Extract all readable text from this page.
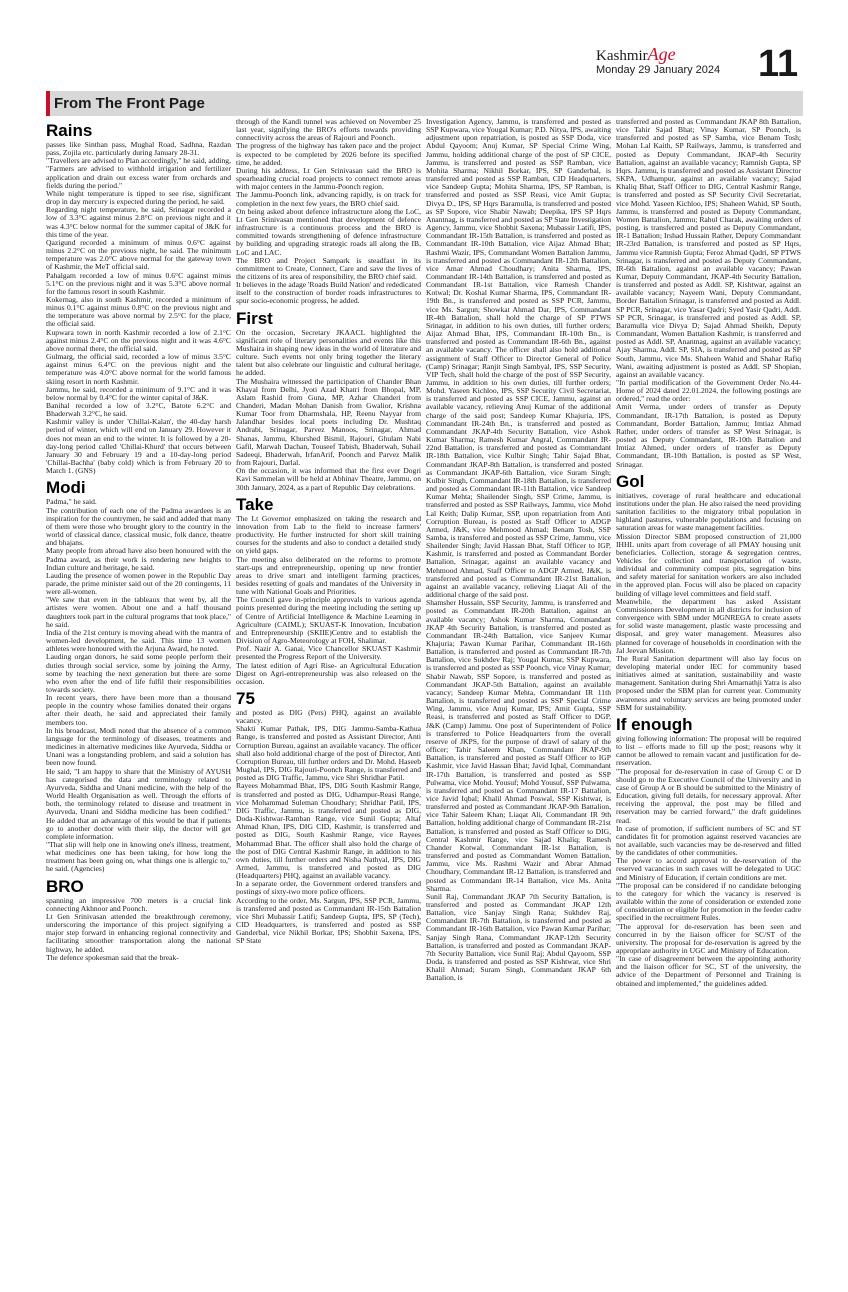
KashmirAge
Monday 29 January 2024 11
From The Front Page
Rains

passes like Sinthan pass, Mughal Road, Sadhna, Razdan pass, Zojila etc. particularly during January 28-31.

"Travellers are advised to Plan accordingly," he said, adding, "Farmers are advised to withhold irrigation and fertilizer application and drain out excess water from orchards and fields during the period."

While night temperature is tipped to see rise, significant drop in day mercury is expected during the period, he said.

Regarding night temperature, he said, Srinagar recorded a low of 3.3°C against minus 2.8°C on previous night and it was 4.3°C below normal for the summer capital of J&K for this time of the year.

Qazigund recorded a minimum of minus 0.6°C against minus 2.2°C on the previous night, he said. The minimum temperature was 2.0°C above normal for the gateway town of Kashmir, the MeT official said.

Pahalgam recorded a low of minus 0.6°C against minus 5.1°C on the previous night and it was 5.3°C above normal for the famous resort in south Kashmir.

Kokernag, also in south Kashmir, recorded a minimum of minus 0.1°C against minus 0.8°C on the previous night and the temperature was above normal by 2.5°C for the place, the official said.

Kupwara town in north Kashmir recorded a low of 2.1°C against minus 2.4°C on the previous night and it was 4.6°C above normal there, the official said.

Gulmarg, the official said, recorded a low of minus 3.5°C against minus 6.4°C on the previous night and the temperature was 4.0°C above normal for the world famous skiing resort in north Kashmir.

Jammu, he said, recorded a minimum of 9.1°C and it was below normal by 0.4°C for the winter capital of J&K.

Banihal recorded a low of 3.2°C, Batote 6.2°C and Bhaderwah 3.2°C, he said.

Kashmir valley is under 'Chillai-Kalan', the 40-day harsh period of winter, which will end on January 29. However it does not mean an end to the winter. It is followed by a 20-day-long period called 'Chillai-Khurd' that occurs between January 30 and February 19 and a 10-day-long period 'Chillai-Bachha' (baby cold) which is from February 20 to March 1. (GNS)

Modi

Padma," he said.

The contribution of each one of the Padma awardees is an inspiration for the countrymen, he said and added that many of them were those who brought glory to the country in the world of classical dance, classical music, folk dance, theatre and bhajans.

Many people from abroad have also been honoured with the Padma award, as their work is rendering new heights to Indian culture and heritage, he said.

Lauding the presence of women power in the Republic Day parade, the prime minister said out of the 20 contingents, 11 were all-women.

"We saw that even in the tableaux that went by, all the artistes were women. About one and a half thousand daughters took part in the cultural programs that took place," he said.

India of the 21st century is moving ahead with the mantra of women-led development, he said. This time 13 women athletes were honoured with the Arjuna Award, he noted.

Lauding organ donors, he said some people perform their duties through social service, some by joining the Army, some by teaching the next generation but there are some who even after the end of life fulfil their responsibilities towards society.

In recent years, there have been more than a thousand people in the country whose families donated their organs after their death, he said and appreciated their family members too.

In his broadcast, Modi noted that the absence of a common language for the terminology of diseases, treatments and medicines in alternative medicines like Ayurveda, Siddha or Unani was a longstanding problem, and said a solution has been now found.

He said, "I am happy to share that the Ministry of AYUSH has categorised the data and terminology related to Ayurveda, Siddha and Unani medicine, with the help of the World Health Organisation as well. Through the efforts of both, the terminology related to disease and treatment in Ayurveda, Unani and Siddha medicine has been codified." He added that an advantage of this would be that if patients go to another doctor with their slip, the doctor will get complete information.

"That slip will help one in knowing one's illness, treatment, what medicines one has been taking, for how long the treatment has been going on, what things one is allergic to," he said. (Agencies)

BRO

spanning an impressive 700 meters is a crucial link connecting Akhnoor and Poonch.

Lt Gen Srinivasan attended the breakthrough ceremony, underscoring the importance of this project signifying a major step forward in enhancing regional connectivity and facilitating smoother transportation along the national highway, he added.

The defence spokesman said that the break-

through of the Kandi tunnel was achieved on November 25 last year, signifying the BRO's efforts towards providing connectivity across the areas of Rajouri and Poonch.

The progress of the highway has taken pace and the project is expected to be completed by 2026 before its specified time, he added.

During his address, Lt Gen Srinivasan said the BRO is spearheading crucial road projects to connect remote areas with major centers in the Jammu-Poonch region.

The Jammu-Poonch link, advancing rapidly, is on track for completion in the next few years, the BRO chief said.

On being asked about defence infrastructure along the LoC, Lt Gen Srinivasan mentioned that development of defence infrastructure is a continuous process and the BRO is committed towards strengthening of defence infrastructure by building and upgrading strategic roads all along the IB, LoC and LAC.

The BRO and Project Sampark is steadfast in its commitment to Create, Connect, Care and save the lives of the citizens of its area of responsibility, the BRO chief said.

It believes in the adage 'Roads Build Nation' and rededicated itself to the construction of border roads infrastructures to spur socio-economic progress, he added.

First

On the occasion, Secretary JKAACL highlighted the significant role of literary personalities and events like this Mushaira in shaping new ideas in the world of literature and culture. Such events not only bring together the literary talent but also celebrate our linguistic and cultural heritage, he added.

The Mushaira witnessed the participation of Chander Bhan Khayal from Delhi, Jyoti Azad Khatri from Bhopal, MP, Aslam Rashid from Guna, MP, Azhar Chanderi from Chanderi, Madan Mohan Danish from Gwalior, Krishna Kumar Toor from Dharmshala, HP, Reenu Nayyar from Jalandhar besides local poets including Dr. Mushtaq Andrabi, Srinagar, Parvez Manoos, Srinagar, Ahmad Shanas, Jammu, Khurshed Bismil, Rajouri, Ghulam Nabi Gafil, Marwah Dachan, Touseef Tabish, Bhaderwah, Suhail Sadeeqi, Bhaderwah, IrfanArif, Poonch and Parvez Malik from Rajouri, Darlal.

On the occasion, it was informed that the first ever Dogri Kavi Sammelan will be held at Abhinav Theatre, Jammu, on 30th January, 2024, as a part of Republic Day celebrations.

Take

The Lt Governor emphasized on taking the research and innovation from Lab to the field to increase farmers' productivity. He further instructed for short skill training courses for the students and also to conduct a detailed study on yield gaps.

The meeting also deliberated on the reforms to promote start-ups and entrepreneurship, opening up new frontier areas to drive smart and intelligent farming practices, besides resetting of goals and mandates of the University in tune with National Goals and Priorities.

The Council gave in-principle approvals to various agenda points presented during the meeting including the setting up of Centre of Artificial Intelligence & Machine Learning in Agriculture (CAIML); SKUAST-K Innovation, Incubation and Entrepreneurship (SKIIE)Centre and to establish the Division of Agro-Meteorology at FOH, Shalimar.

Prof. Nazir A. Ganai, Vice Chancellor SKUAST Kashmir presented the Progress Report of the University.

The latest edition of Agri Rise- an Agricultural Education Digest on Agri-entrepreneurship was also released on the occasion.

75

and posted as DIG (Pers) PHQ, against an available vacancy.

Shakti Kumar Pathak, IPS, DIG Jammu-Samba-Kathua Range, is transferred and posted as Assistant Director, Anti Corruption Bureau, against an available vacancy. The officer shall also hold additional charge of the post of Director, Anti Corruption Bureau, till further orders and Dr. Mohd. Haseeb Mughal, IPS, DIG Rajouri-Poonch Range, is transferred and posted as DIG Traffic, Jammu, vice Shri Shridhar Patil.

Rayees Mohammad Bhat, IPS, DIG South Kashmir Range, is transferred and posted as DIG, Udhampur-Reasi Range, vice Mohammad Suleman Choudhary; Shridhar Patil, IPS, DIG Traffic, Jammu, is transferred and posted as DIG, Doda-Kishtwar-Ramban Range, vice Sunil Gupta; Altaf Ahmad Khan, IPS, DIG CID, Kashmir, is transferred and posted as DIG, South Kashmir Range, vice Rayees Mohammad Bhat. The officer shall also hold the charge of the post of DIG Central Kashmir Range, in addition to his own duties, till further orders and Nisha Nathyal, IPS, DIG Armed, Jammu, is transferred and posted as DIG (Headquarters) PHQ, against an available vacancy.

In a separate order, the Government ordered transfers and postings of sixty-two more police officers.

According to the order, Ms. Sargun, IPS, SSP PCR, Jammu, is transferred and posted as Commandant IR-15th Battalion vice Shri Mubassir Latifi; Sandeep Gupta, IPS, SP (Tech), CID Headquarters, is transferred and posted as SSP Ganderbal, vice Nikhil Borkar, IPS; Shobhit Saxena, IPS, SP State

Investigation Agency, Jammu, is transferred and posted as SSP Kupwara, vice Yougal Kumar; P.D. Nitya, IPS, awaiting adjustment upon repatriation, is posted as SSP Doda, vice Abdul Qayoom; Anuj Kumar, SP Special Crime Wing, Jammu, holding additional charge of the post of SP CICE, Jammu, is transferred and posted as SSP Ramban, vice Mohita Sharma; Nikhil Borkar, IPS, SP Ganderbal, is transferred and posted as SSP Ramban, CID Headquarters, vice Sandeep Gupta; Mohita Sharma, IPS, SP Ramban, is transferred and posted as SSP Reasi, vice Amit Gupta; Divya D., IPS, SP Hqrs Baramulla, is transferred and posted as SP Sopore, vice Shabir Nawab; Deepika, IPS SP Hqrs Anantnag, is transferred and posted as SP State Investigation Agency, Jammu, vice Shobhit Saxena; Mubassir Latifi, IPS, Commandant IR-15th Battalion, is transferred and posted as Commandant IR-10th Battalion, vice Aijaz Ahmad Bhat; Rashmi Wazir, IPS, Commandant Women Battalion Jammu, is transferred and posted as Commandant IR-12th Battalion, vice Amar Ahmad Choudhary; Anita Sharma, IPS, Commandant IR-14th Battalion, is transferred and posted as Commandant IR-1st Battalion, vice Ramesh Chander Kotwal; Dr. Koshal Kumar Sharma, IPS, Commandant IR-19th Bn., is transferred and posted as SSP PCR, Jammu, vice Ms. Sargun; Showkat Ahmad Dar, IPS, Commandant IR-4th Battalion, shall hold the charge of SP PTWS Srinagar, in addition to his own duties, till further orders; Aijaz Ahmad Bhat, IPS, Commandant IR-10th Bn., is transferred and posted as Commandant IR-6th Bn., against an available vacancy. The officer shall also hold additional assignment of Staff Officer to Director General of Police (Camp) Srinagar; Ranjit Singh Sambyal, IPS, SSP Security, VIP Tech, shall hold the charge of the post of SSP Security, Jammu, in addition to his own duties, till further orders; Mohd. Yaseen Kichloo, IPS, SSP Security Civil Secretariat, is transferred and posted as SSP CICE, Jammu, against an available vacancy, relieving Anuj Kumar of the additional charge of the said post; Sandeep Kumar Khajuria, IPS, Commandant IR-24th Bn., is transferred and posted as Commandant JKAP-4th Security Battalion, vice Ashok Kumar Sharma; Ramesh Kumar Angral, Commandant IR-22nd Battalion, is transferred and posted as Commandant IR-18th Battalion, vice Kulbir Singh; Tahir Sajad Bhat, Commandant JKAP-8th Battalion, is transferred and posted as Commandant JKAP-6th Battalion, vice Suram Singh; Kulbir Singh, Commandant IR-18th Battalion, is transferred and posted as Commandant IR-11th Battalion, vice Sandeep Kumar Mehta; Shailender Singh, SSP Crime, Jammu, is transferred and posted as SSP Railways, Jammu, vice Mohd Lal Keith; Dalip Kumar, SSP, upon repatriation from Anti Corruption Bureau, is posted as Staff Officer to ADGP Armed, J&K, vice Mehmood Ahmad; Benam Tosh, SSP Samba, is transferred and posted as SSP Crime, Jammu, vice Shailender Singh; Javid Hassan Bhat, Staff Officer to IGP, Kashmir, is transferred and posted as Commandant Border Battalion, Srinagar, against an available vacancy and Mehmood Ahmad, Staff Officer to ADGP Armed, J&K, is transferred and posted as Commandant IR-21st Battalion, against an available vacancy, relieving Liaqat Ali of the additional charge of the said post.

Shamsher Hussain, SSP Security, Jammu, is transferred and posted as Commandant IR-20th Battalion, against an available vacancy; Ashok Kumar Sharma, Commandant JKAP 4th Security Battalion, is transferred and posted as Commandant IR-24th Battalion, vice Sanjeev Kumar Khajuria; Pawan Kumar Parihar, Commandant IR-16th Battalion, is transferred and posted as Commandant IR-7th Battalion, vice Sukhdev Raj; Yougal Kumar, SSP Kupwara, is transferred and posted as SSP Poonch, vice Vinay Kumar; Shabir Nawab, SSP Sopore, is transferred and posted as Commandant JKAP-5th Battalion, against an available vacancy; Sandeep Kumar Mehta, Commandant IR 11th Battalion, is transferred and posted as SSP Special Crime Wing, Jammu, vice Anuj Kumar, IPS; Amit Gupta, SSP Reasi, is transferred and posted as Staff Officer to DGP, J&K (Camp) Jammu. One post of Superintendent of Police is transferred to Police Headquarters from the overall reserve of JKPS, for the purpose of drawl of salary of the officer; Tahir Saleem Khan, Commandant JKAP-9th Battalion, is transferred and posted as Staff Officer to IGP Kashmir, vice Javid Hassan Bhat; Javid Iqbal, Commandant IR-17th Battalion, is transferred and posted as SSP Pulwama, vice Mohd. Yousuf; Mohd Yousuf, SSP Pulwama, is transferred and posted as Commandant IR-17 Battalion, vice Javid Iqbal; Khalil Ahmad Poswal, SSP Kishtwar, is transferred and posted as Commandant JKAP-9th Battalion, vice Tahir Saleem Khan; Liaqat Ali, Commandant IR 9th Battalion, holding additional charge of Commandant IR-21st Battalion, is transferred and posted as Staff Officer to DIG, Central Kashmir Range, vice Sajad Khaliq; Ramesh Chander Kotwal, Commandant IR-1st Battalion, is transferred and posted as Commandant Women Battalion, Jammu, vice Ms. Rashmi Wazir and Abrar Ahmad Choudhary, Commandant IR-12 Battalion, is transferred and posted as Commandant IR-14 Battalion, vice Ms. Anita Sharma.

Sunil Raj, Commandant JKAP 7th Security Battalion, is transferred and posted as Commandant JKAP 12th Battalion, vice Sanjay Singh Rana; Sukhdev Raj, Commandant IR-7th Battalion, is transferred and posted as Commandant IR-16th Battalion, vice Pawan Kumar Parihar; Sanjay Singh Rana, Commandant JKAP-12th Security Battalion, is transferred and posted as Commandant JKAP-7th Security Battalion, vice Sunil Raj; Abdul Qayoom, SSP Doda, is transferred and posted as SSP Kishtwar, vice Shri Khalil Ahmad; Suram Singh, Commandant JKAP 6th Battalion, is

transferred and posted as Commandant JKAP 8th Battalion, vice Tahir Sajad Bhat; Vinay Kumar, SP Poonch, is transferred and posted as SP Samba, vice Benam Tosh; Mohan Lal Kaith, SP Railways, Jammu, is transferred and posted as Deputy Commandant, JKAP-4th Security Battalion, against an available vacancy; Ramnish Gupta, SP Hqrs. Jammu, is transferred and posted as Assistant Director SKPA, Udhampur, against an available vacancy; Sajad Khaliq Bhat, Staff Officer to DIG, Central Kashmir Range, is transferred and posted as SP Security Civil Secretariat, vice Mohd. Yaseen Kichloo, IPS; Shaheen Wahid, SP South, Jammu, is transferred and posted as Deputy Commandant, Women Battalion, Jammu; Rahul Charak, awaiting orders of posting, is transferred and posted as Deputy Commandant, IR-1 Battalion; Irshad Hussain Rather, Deputy Commandant IR-23rd Battalion, is transferred and posted as SP Hqrs, Jammu vice Ramnish Gupta; Feroz Ahmad Qadri, SP PTWS Srinagar, is transferred and posted as Deputy Commandant, IR-6th Battalion, against an available vacancy; Pawan Kumar, Deputy Commandant, JKAP-4th Security Battalion, is transferred and posted as Addl. SP, Kishtwar, against an available vacancy; Nayeem Wani, Deputy Commandant, Border Battalion Srinagar, is transferred and posted as Addl. SP PCR, Srinagar, vice Yasar Qadri; Syed Yasir Qadri, Addl. SP PCR, Srinagar, is transferred and posted as Addl. SP, Baramulla vice Divya D; Sajad Ahmad Sheikh, Deputy Commandant, Women Battalion Kashmir, is transferred and posted as Addl. SP, Anantnag, against an available vacancy; Ajay Sharma, Addl. SP, SIA, is transferred and posted as SP South, Jammu, vice Ms. Shaheen Wahid and Shahar Rafiq Wani, awaiting adjustment is posted as Addl. SP Shopian, against an available vacancy.

"In partial modification of the Government Order No.44-Home of 2024 dated 22.01.2024, the following postings are ordered," read the order:

Amit Verma, under orders of transfer as Deputy Commandant, IR-17th Battalion, is posted as Deputy Commandant, Border Battalion, Jammu; Imtiaz Ahmad Rather, under orders of transfer as SP West Srinagar, is posted as Deputy Commandant, IR-10th Battalion and Imtiaz Ahmed, under orders of transfer as Deputy Commandant, IR-10th Battalion, is posted as SP West, Srinagar.

Gol

initiatives, coverage of rural healthcare and educational institutions under the plan. He also raised the need providing sanitation facilities to the migratory tribal population in highland pastures, vulnerable populations and focusing on saturation areas for waste management facilities.

Mission Director SBM proposed construction of 21,000 IHHL units apart from coverage of all PMAY housing unit beneficiaries. Collection, storage & segregation centres, Vehicles for collection and transportation of waste, individual and community compost pits, segregation bins and safety material for sanitation workers are also included in the approved plan. Focus will also be placed on capacity building of village level committees and field staff.

Meanwhile, the department has asked Assistant Commissioners Development in all districts for inclusion of convergence with SBM under MGNREGA to create assets for solid waste management, plastic waste processing and disposal, and grey water management. Measures also planned for coverage of households in coordination with the Jal Jeevan Mission.

The Rural Sanitation department will also lay focus on developing material under IEC for community based initiatives aimed at sanitation, sustainability and waste management. Sanitation during Shri Amarnathji Yatra is also proposed under the SBM plan for current year. Community awareness and voluntary services are being promoted under SBM for sustainability.

If enough

giving following information: The proposal will be required to list – efforts made to fill up the post; reasons why it cannot be allowed to remain vacant and justification for de-reservation.

"The proposal for de-reservation in case of Group C or D should go to the Executive Council of the University and in case of Group A or B should be submitted to the Ministry of Education, giving full details, for necessary approval. After receiving the approval, the post may be filled and reservation may be carried forward," the draft guidelines read.

In case of promotion, if sufficient numbers of SC and ST candidates fit for promotion against reserved vacancies are not available, such vacancies may be de-reserved and filled by the candidates of other communities.

The power to accord approval to de-reservation of the reserved vacancies in such cases will be delegated to UGC and Ministry of Education, if certain conditions are met.

"The proposal can be considered if no candidate belonging to the category for which the vacancy is reserved is available within the zone of consideration or extended zone of consideration or eligible for promotion in the feeder cadre specified in the recruitment Rules.

"The approval for de-reservation has been seen and concurred in by the liaison officer for SC/ST of the university. The proposal for de-reservation is agreed by the appropriate authority in UGC and Ministry of Education.

"In case of disagreement between the appointing authority and the liaison officer for SC, ST of the university, the advice of the Department of Personnel and Training is obtained and implemented," the guidelines added.
